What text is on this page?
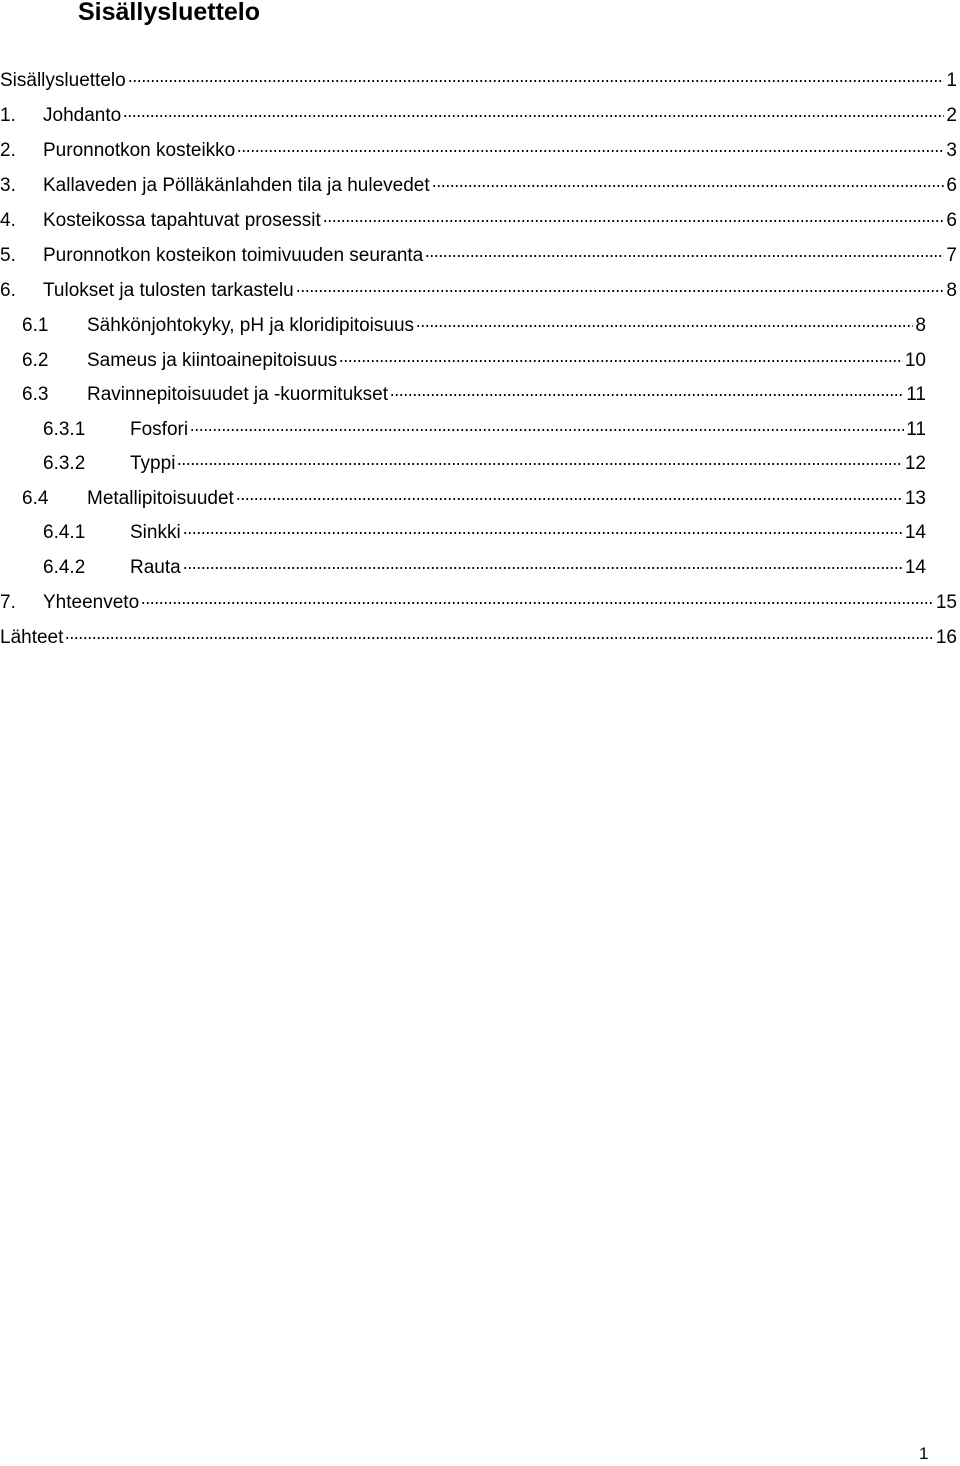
Sisällysluettelo
Sisällysluettelo	1
1.	Johdanto	2
2.	Puronnotkon kosteikko	3
3.	Kallaveden ja Pölläkänlahden tila ja hulevedet	6
4.	Kosteikossa tapahtuvat prosessit	6
5.	Puronnotkon kosteikon toimivuuden seuranta	7
6.	Tulokset ja tulosten tarkastelu	8
6.1	Sähkönjohtokyky, pH ja kloridipitoisuus	8
6.2	Sameus ja kiintoainepitoisuus	10
6.3	Ravinnepitoisuudet ja -kuormitukset	11
6.3.1	Fosfori	11
6.3.2	Typpi	12
6.4	Metallipitoisuudet	13
6.4.1	Sinkki	14
6.4.2	Rauta	14
7.	Yhteenveto	15
Lähteet	16
1
